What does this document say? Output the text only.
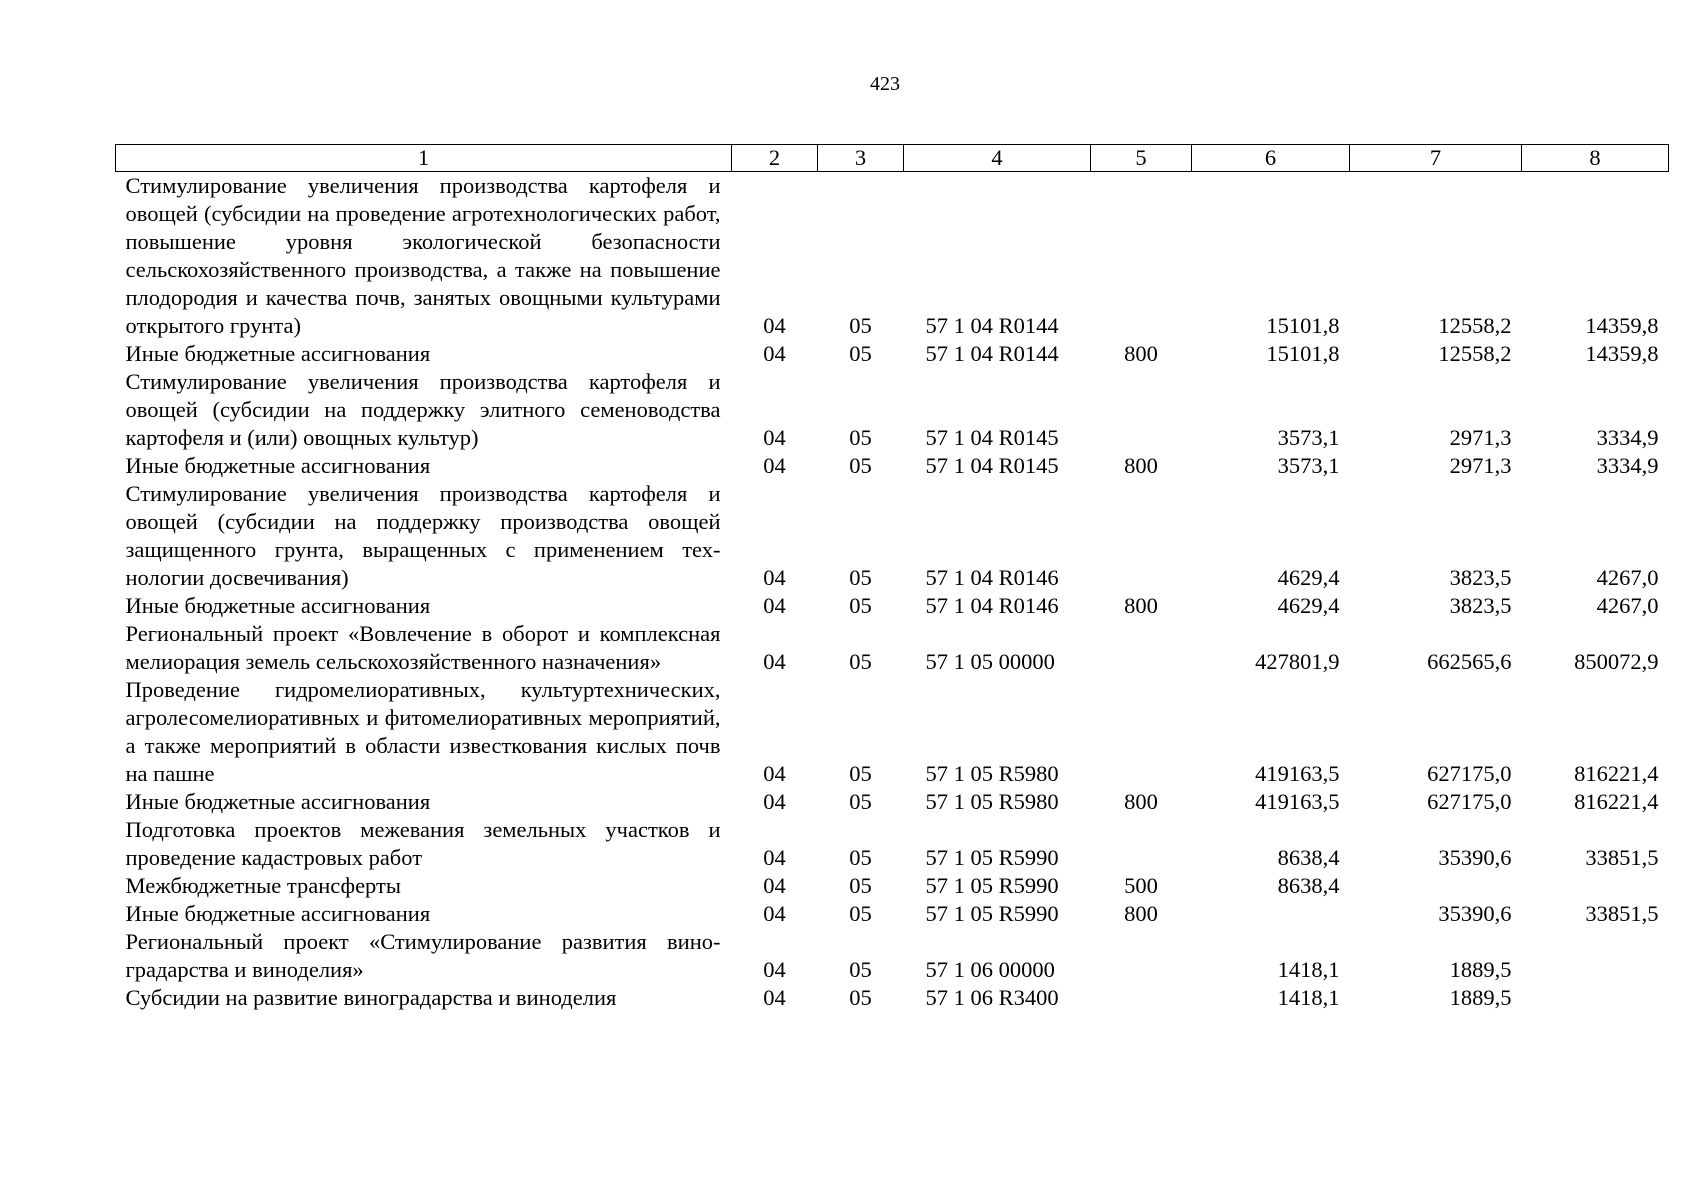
423
1	2	3	4	5	6	7	8
Стимулирование увеличения производства картофеля и овощей (субсидии на проведение агротехнологических работ, повышение уровня экологической безопасности сельскохозяйственного производства, а также на повышение плодородия и качества почв, занятых овощными культурами открытого грунта)	04	05	57 1 04 R0144		15101,8	12558,2	14359,8
Иные бюджетные ассигнования	04	05	57 1 04 R0144	800	15101,8	12558,2	14359,8
Стимулирование увеличения производства картофеля и овощей (субсидии на поддержку элитного семеноводства картофеля и (или) овощных культур)	04	05	57 1 04 R0145		3573,1	2971,3	3334,9
Иные бюджетные ассигнования	04	05	57 1 04 R0145	800	3573,1	2971,3	3334,9
Стимулирование увеличения производства картофеля и овощей (субсидии на поддержку производства овощей защищенного грунта, выращенных с применением технологии досвечивания)	04	05	57 1 04 R0146		4629,4	3823,5	4267,0
Иные бюджетные ассигнования	04	05	57 1 04 R0146	800	4629,4	3823,5	4267,0
Региональный проект «Вовлечение в оборот и комплексная мелиорация земель сельскохозяйственного назначения»	04	05	57 1 05 00000		427801,9	662565,6	850072,9
Проведение гидромелиоративных, культуртехнических, агролесомелиоративных и фитомелиоративных мероприятий, а также мероприятий в области известкования кислых почв на пашне	04	05	57 1 05 R5980		419163,5	627175,0	816221,4
Иные бюджетные ассигнования	04	05	57 1 05 R5980	800	419163,5	627175,0	816221,4
Подготовка проектов межевания земельных участков и проведение кадастровых работ	04	05	57 1 05 R5990		8638,4	35390,6	33851,5
Межбюджетные трансферты	04	05	57 1 05 R5990	500	8638,4		
Иные бюджетные ассигнования	04	05	57 1 05 R5990	800		35390,6	33851,5
Региональный проект «Стимулирование развития виноградарства и виноделия»	04	05	57 1 06 00000		1418,1	1889,5	
Субсидии на развитие виноградарства и виноделия	04	05	57 1 06 R3400		1418,1	1889,5	
